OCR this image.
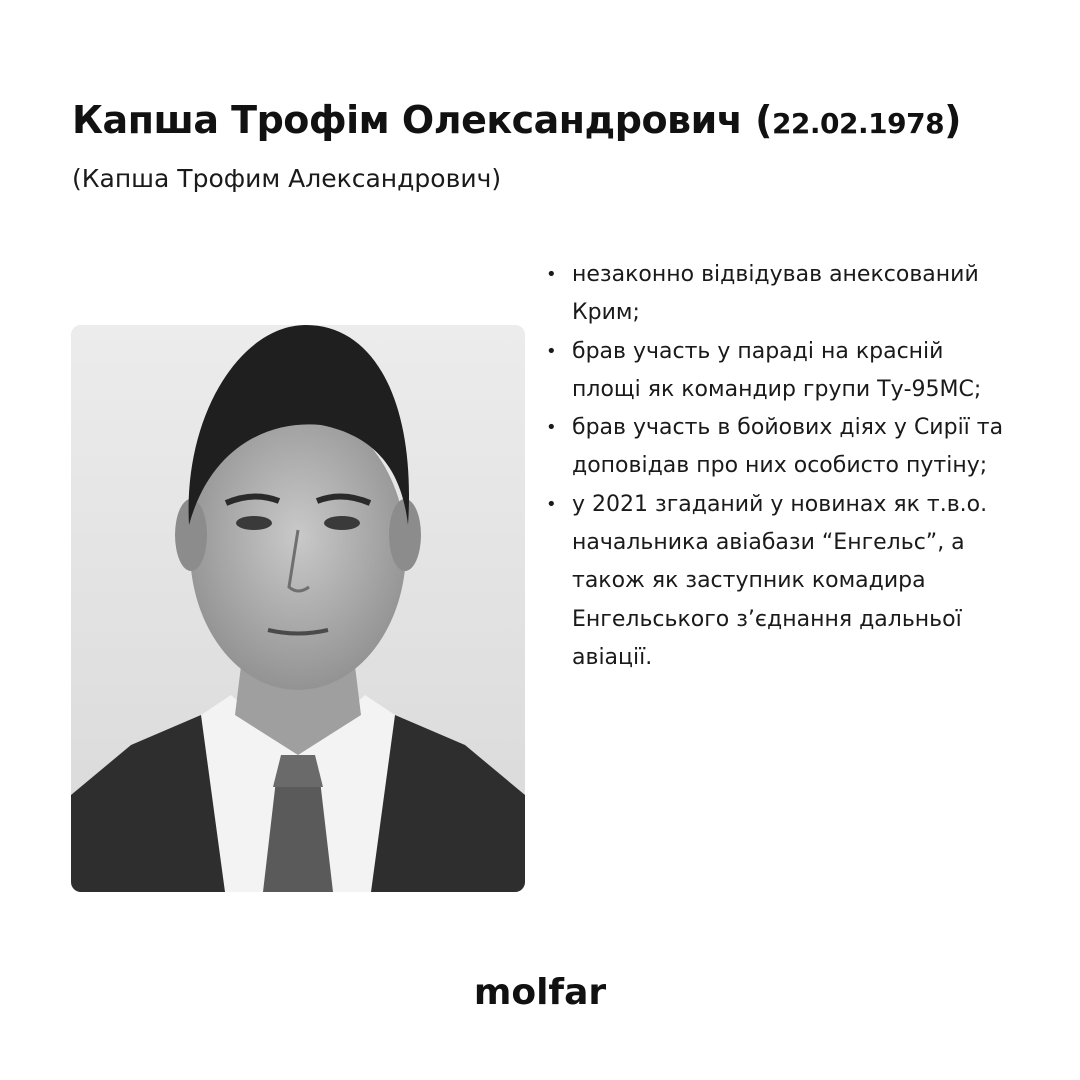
Капша Трофім Олександрович (22.02.1978)
(Капша Трофим Александрович)
• незаконно відвідував анексований Крим;
• брав участь у параді на красній площі як командир групи Ту-95МС;
• брав участь в бойових діях у Сирії та доповідав про них особисто путіну;
• у 2021 згаданий у новинах як т.в.о. начальника авіабази “Енгельс”, а також як заступник комадира Енгельського з’єднання дальньої авіації.
molfar
